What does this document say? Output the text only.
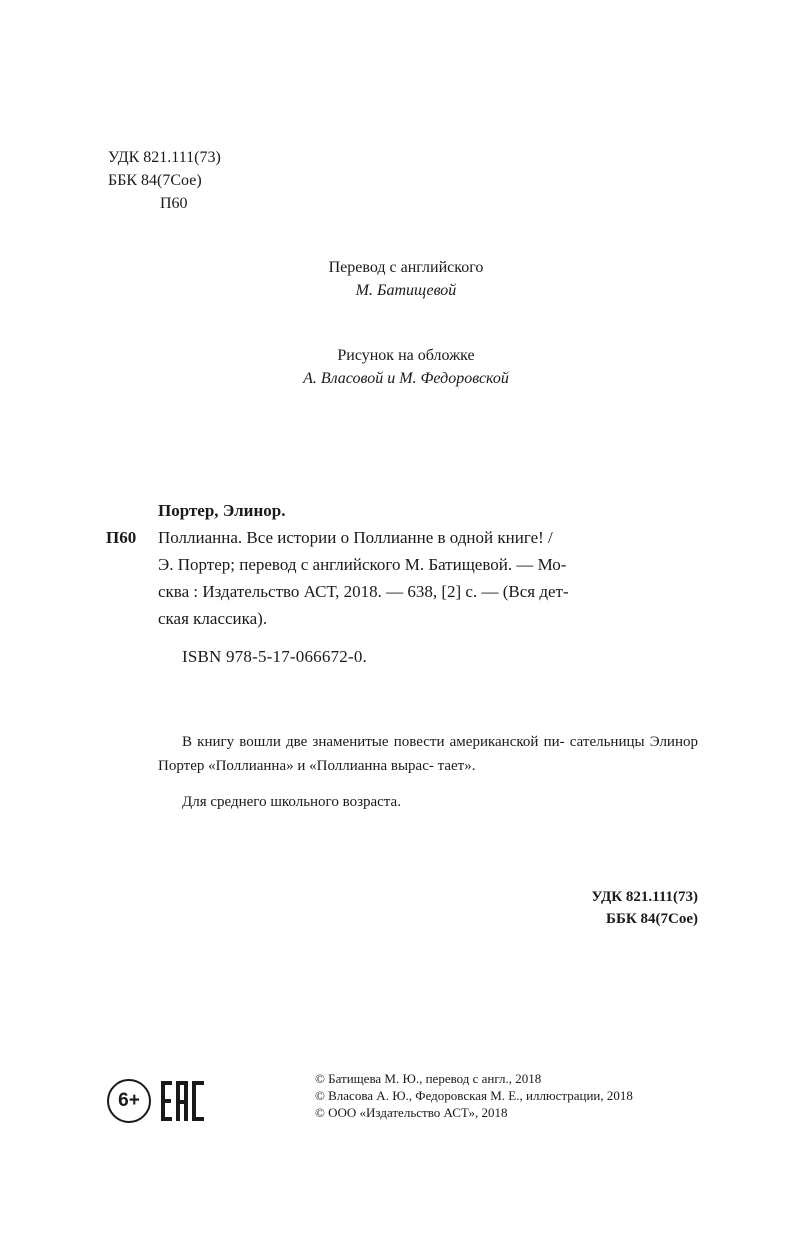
УДК 821.111(73)
ББК 84(7Сое)
П60
Перевод с английского
М. Батищевой
Рисунок на обложке
А. Власовой и М. Федоровской
Портер, Элинор.
П60 Поллианна. Все истории о Поллианне в одной книге! /
Э. Портер; перевод с английского М. Батищевой. — Мо-
сква : Издательство АСТ, 2018. — 638, [2] с. — (Вся дет-
ская классика).
ISBN 978-5-17-066672-0.
В книгу вошли две знаменитые повести американской пи- сательницы Элинор Портер «Поллианна» и «Поллианна вырас- тает».
Для среднего школьного возраста.
УДК 821.111(73)
ББК 84(7Сое)
6+
© Батищева М. Ю., перевод с англ., 2018
© Власова А. Ю., Федоровская М. Е., иллюстрации, 2018
© ООО «Издательство АСТ», 2018
